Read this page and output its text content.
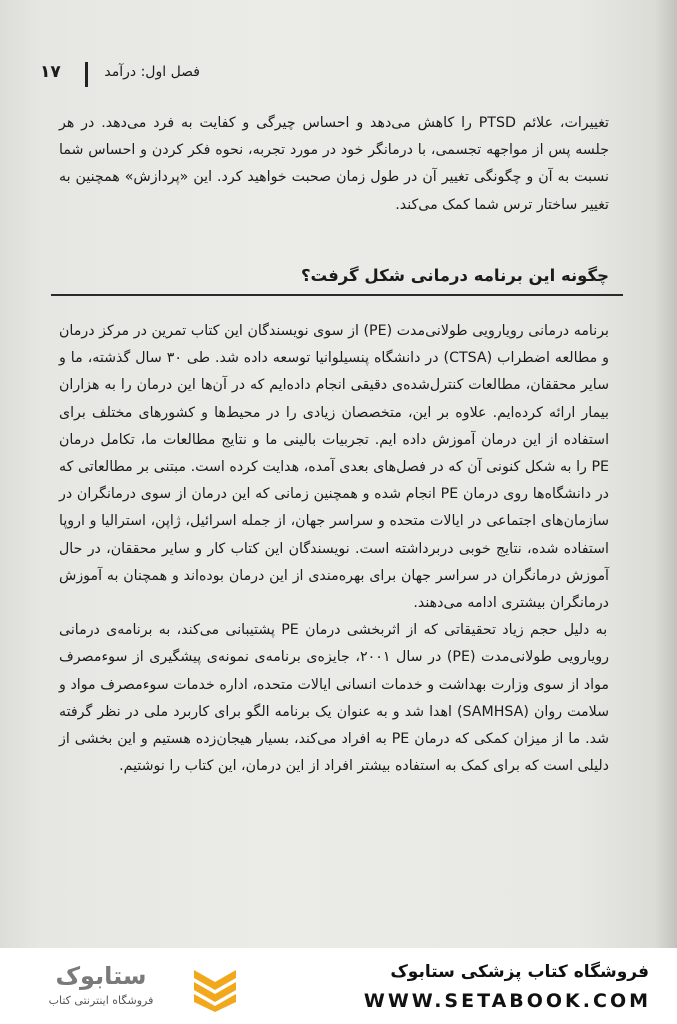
۱۷	فصل اول: درآمد

تغییرات، علائم PTSD را کاهش می‌دهد و احساس چیرگی و کفایت به فرد می‌دهد. در هر جلسه پس از مواجهه تجسمی، با درمانگر خود در مورد تجربه، نحوه فکر کردن و احساس شما نسبت به آن و چگونگی تغییر آن در طول زمان صحبت خواهید کرد. این «پردازش» همچنین به تغییر ساختار ترس شما کمک می‌کند.

چگونه این برنامه درمانی شکل گرفت؟

برنامه درمانی رویارویی طولانی‌مدت (PE) از سوی نویسندگان این کتاب تمرین در مرکز درمان و مطالعه اضطراب (CTSA) در دانشگاه پنسیلوانیا توسعه داده شد. طی ۳۰ سال گذشته، ما و سایر محققان، مطالعات کنترل‌شده‌ی دقیقی انجام داده‌ایم که در آن‌ها این درمان را به هزاران بیمار ارائه کرده‌ایم. علاوه بر این، متخصصان زیادی را در محیط‌ها و کشورهای مختلف برای استفاده از این درمان آموزش داده ایم. تجربیات بالینی ما و نتایج مطالعات ما، تکامل درمان PE را به شکل کنونی آن که در فصل‌های بعدی آمده، هدایت کرده است. مبتنی بر مطالعاتی که در دانشگاه‌ها روی درمان PE انجام شده و همچنین زمانی که این درمان از سوی درمانگران در سازمان‌های اجتماعی در ایالات متحده و سراسر جهان، از جمله اسرائیل، ژاپن، استرالیا و اروپا استفاده شده، نتایج خوبی دربرداشته است. نویسندگان این کتاب کار و سایر محققان، در حال آموزش درمانگران در سراسر جهان برای بهره‌مندی از این درمان بوده‌اند و همچنان به آموزش درمانگران بیشتری ادامه می‌دهند.

به دلیل حجم زیاد تحقیقاتی که از اثربخشی درمان PE پشتیبانی می‌کند، به برنامه‌ی درمانی رویارویی طولانی‌مدت (PE) در سال ۲۰۰۱، جایزه‌ی برنامه‌ی نمونه‌ی پیشگیری از سوءمصرف مواد از سوی وزارت بهداشت و خدمات انسانی ایالات متحده، اداره خدمات سوءمصرف مواد و سلامت روان (SAMHSA) اهدا شد و به عنوان یک برنامه الگو برای کاربرد ملی در نظر گرفته شد. ما از میزان کمکی که درمان PE به افراد می‌کند، بسیار هیجان‌زده هستیم و این بخشی از دلیلی است که برای کمک به استفاده بیشتر افراد از این درمان، این کتاب را نوشتیم.

ستابوک
فروشگاه اینترنتی کتاب
فروشگاه کتاب پزشکی ستابوک
WWW.SETABOOK.COM
